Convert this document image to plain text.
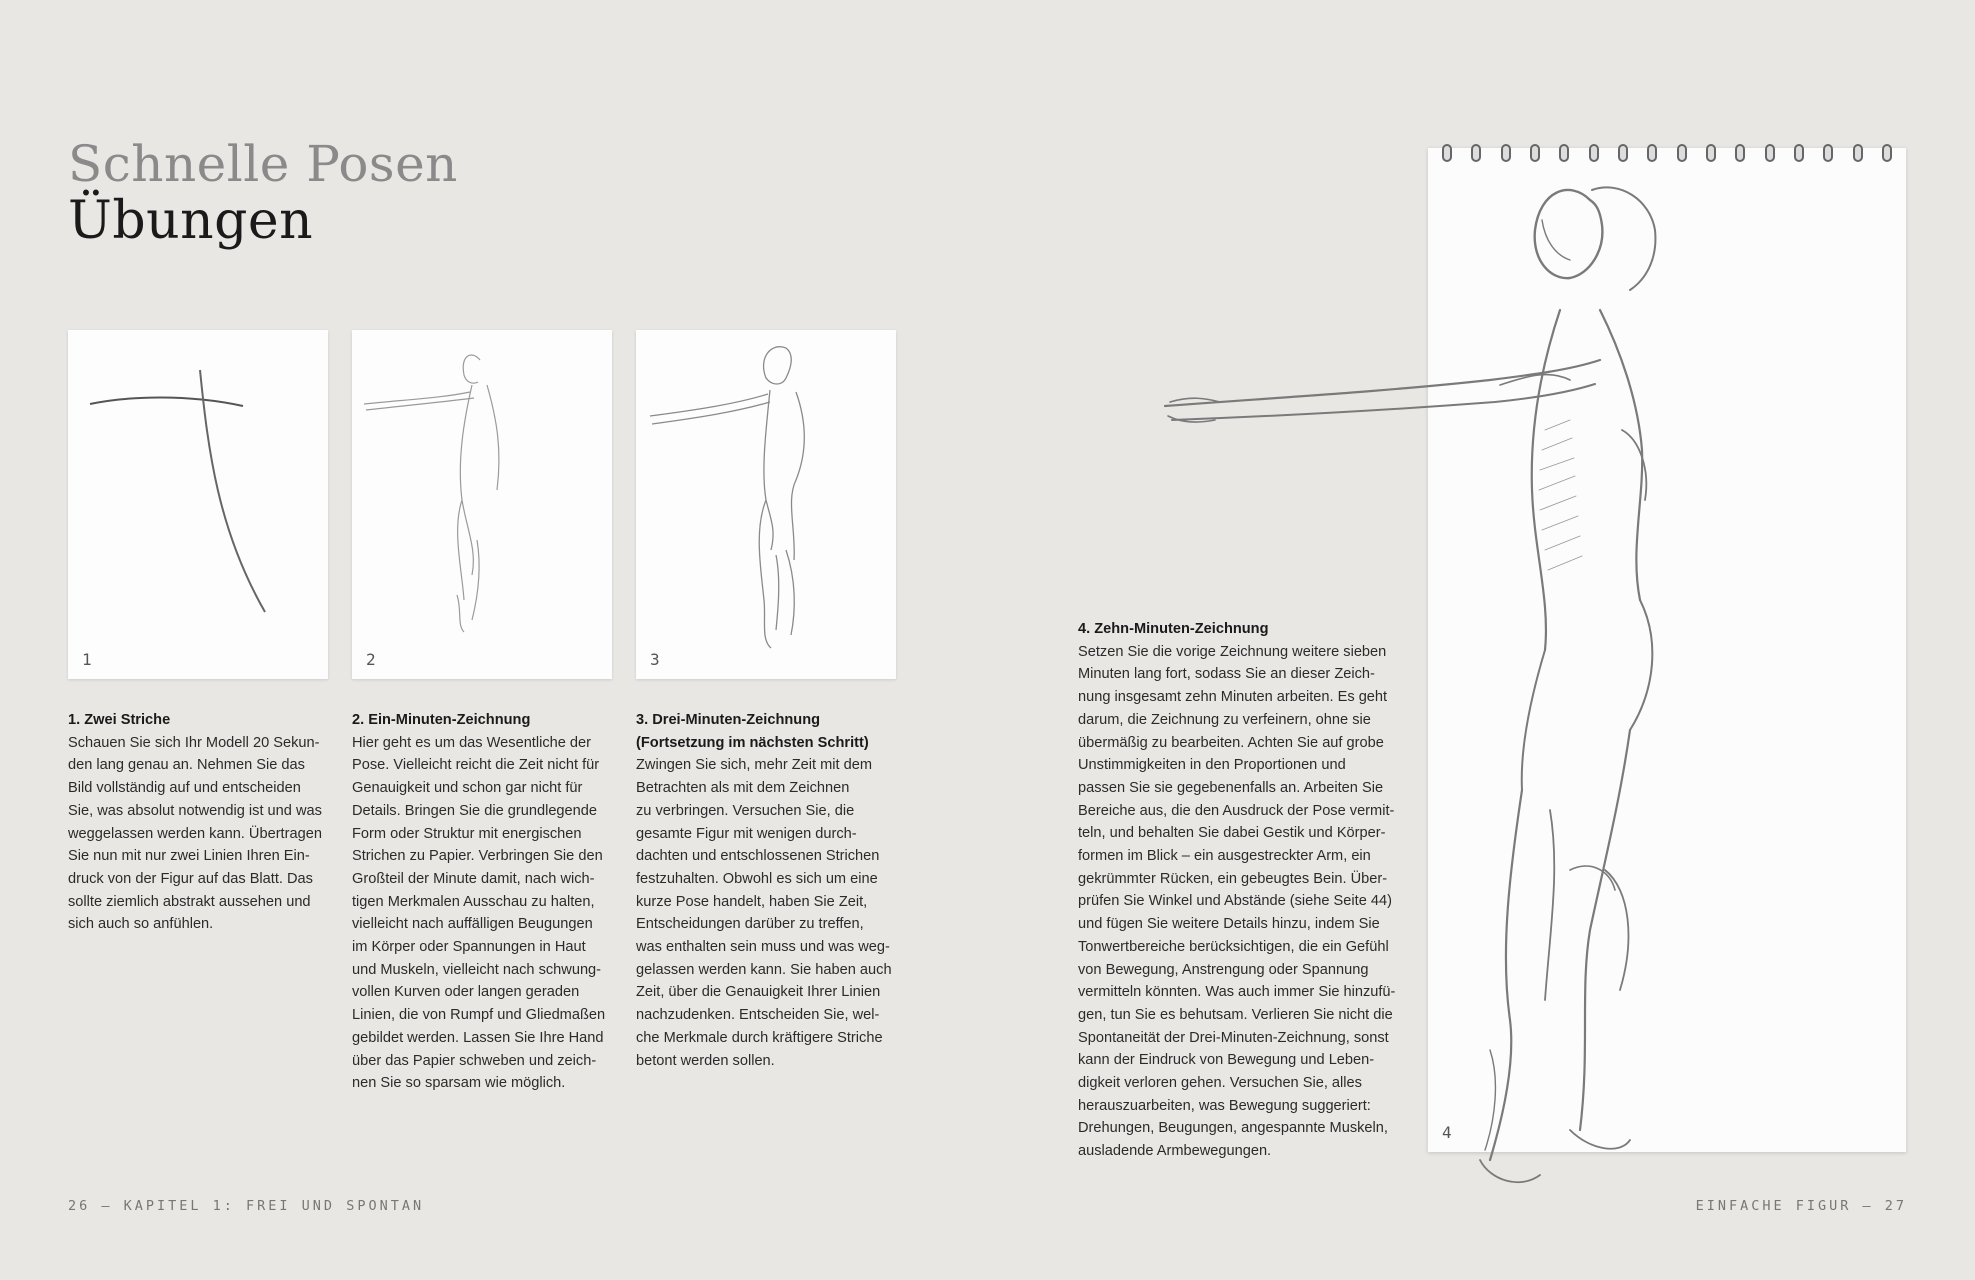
Schnelle Posen
Übungen
1	2	3
1. Zwei Striche

Schauen Sie sich Ihr Modell 20 Sekun-
den lang genau an. Nehmen Sie das
Bild vollständig auf und entscheiden
Sie, was absolut notwendig ist und was
weggelassen werden kann. Übertragen
Sie nun mit nur zwei Linien Ihren Ein-
druck von der Figur auf das Blatt. Das
sollte ziemlich abstrakt aussehen und
sich auch so anfühlen.

2. Ein-Minuten-Zeichnung

Hier geht es um das Wesentliche der
Pose. Vielleicht reicht die Zeit nicht für
Genauigkeit und schon gar nicht für
Details. Bringen Sie die grundlegende
Form oder Struktur mit energischen
Strichen zu Papier. Verbringen Sie den
Großteil der Minute damit, nach wich-
tigen Merkmalen Ausschau zu halten,
vielleicht nach auffälligen Beugungen
im Körper oder Spannungen in Haut
und Muskeln, vielleicht nach schwung-
vollen Kurven oder langen geraden
Linien, die von Rumpf und Gliedmaßen
gebildet werden. Lassen Sie Ihre Hand
über das Papier schweben und zeich-
nen Sie so sparsam wie möglich.

3. Drei-Minuten-Zeichnung
(Fortsetzung im nächsten Schritt)

Zwingen Sie sich, mehr Zeit mit dem
Betrachten als mit dem Zeichnen
zu verbringen. Versuchen Sie, die
gesamte Figur mit wenigen durch-
dachten und entschlossenen Strichen
festzuhalten. Obwohl es sich um eine
kurze Pose handelt, haben Sie Zeit,
Entscheidungen darüber zu treffen,
was enthalten sein muss und was weg-
gelassen werden kann. Sie haben auch
Zeit, über die Genauigkeit Ihrer Linien
nachzudenken. Entscheiden Sie, wel-
che Merkmale durch kräftigere Striche
betont werden sollen.

4. Zehn-Minuten-Zeichnung

Setzen Sie die vorige Zeichnung weitere sieben
Minuten lang fort, sodass Sie an dieser Zeich-
nung insgesamt zehn Minuten arbeiten. Es geht
darum, die Zeichnung zu verfeinern, ohne sie
übermäßig zu bearbeiten. Achten Sie auf grobe
Unstimmigkeiten in den Proportionen und
passen Sie sie gegebenenfalls an. Arbeiten Sie
Bereiche aus, die den Ausdruck der Pose vermit-
teln, und behalten Sie dabei Gestik und Körper-
formen im Blick – ein ausgestreckter Arm, ein
gekrümmter Rücken, ein gebeugtes Bein. Über-
prüfen Sie Winkel und Abstände (siehe Seite 44)
und fügen Sie weitere Details hinzu, indem Sie
Tonwertbereiche berücksichtigen, die ein Gefühl
von Bewegung, Anstrengung oder Spannung
vermitteln könnten. Was auch immer Sie hinzufü-
gen, tun Sie es behutsam. Verlieren Sie nicht die
Spontaneität der Drei-Minuten-Zeichnung, sonst
kann der Eindruck von Bewegung und Leben-
digkeit verloren gehen. Versuchen Sie, alles
herauszuarbeiten, was Bewegung suggeriert:
Drehungen, Beugungen, angespannte Muskeln,
ausladende Armbewegungen.

4
26 — KAPITEL 1: FREI UND SPONTAN	EINFACHE FIGUR — 27
